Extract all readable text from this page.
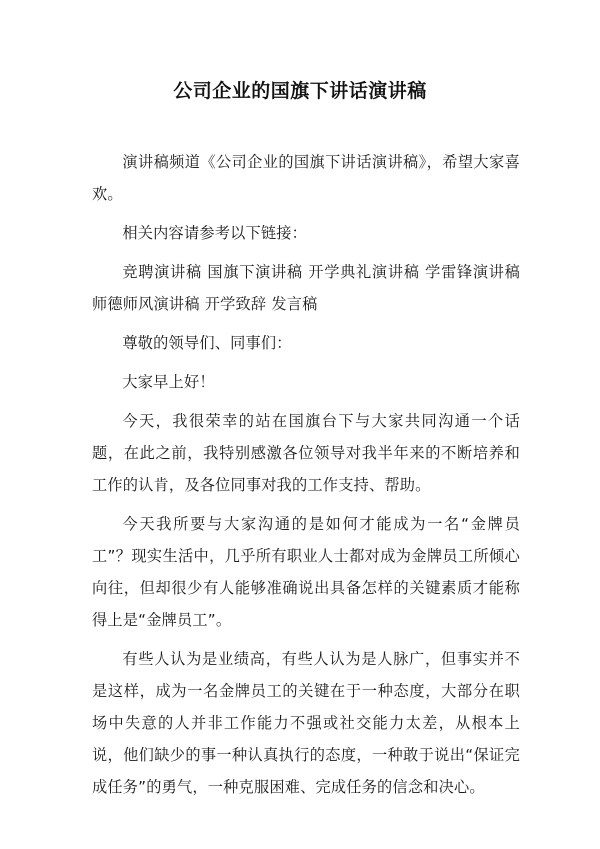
公司企业的国旗下讲话演讲稿

演讲稿频道《公司企业的国旗下讲话演讲稿》，希望大家喜欢。

相关内容请参考以下链接：

竞聘演讲稿 国旗下演讲稿 开学典礼演讲稿 学雷锋演讲稿 师德师风演讲稿 开学致辞 发言稿

尊敬的领导们、同事们：

大家早上好！

今天，我很荣幸的站在国旗台下与大家共同沟通一个话题，在此之前，我特别感激各位领导对我半年来的不断培养和工作的认肯，及各位同事对我的工作支持、帮助。

今天我所要与大家沟通的是如何才能成为一名“金牌员工”？现实生活中，几乎所有职业人士都对成为金牌员工所倾心向往，但却很少有人能够准确说出具备怎样的关键素质才能称得上是“金牌员工”。

有些人认为是业绩高，有些人认为是人脉广，但事实并不是这样，成为一名金牌员工的关键在于一种态度，大部分在职场中失意的人并非工作能力不强或社交能力太差，从根本上说，他们缺少的事一种认真执行的态度，一种敢于说出“保证完成任务”的勇气，一种克服困难、完成任务的信念和决心。
